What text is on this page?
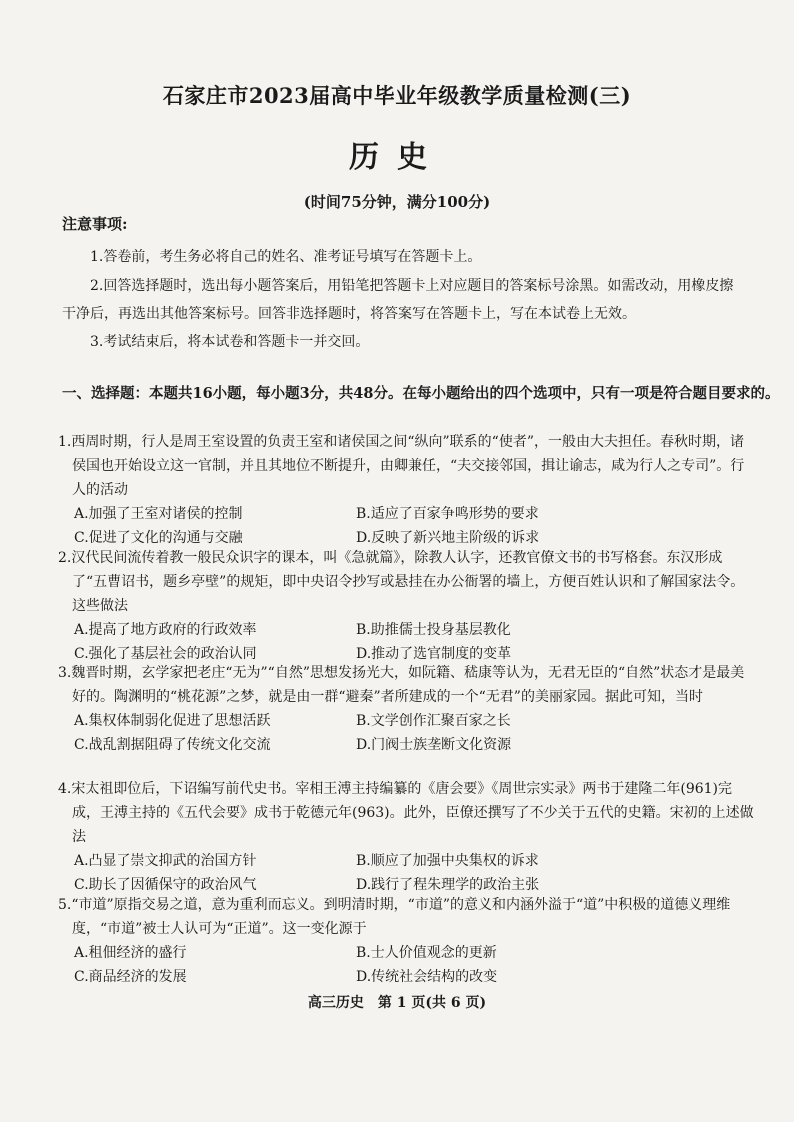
石家庄市2023届高中毕业年级教学质量检测(三)
历史
(时间75分钟，满分100分)
注意事项:
1.答卷前，考生务必将自己的姓名、准考证号填写在答题卡上。
2.回答选择题时，选出每小题答案后，用铅笔把答题卡上对应题目的答案标号涂黑。如需改动，用橡皮擦干净后，再选出其他答案标号。回答非选择题时，将答案写在答题卡上，写在本试卷上无效。
3.考试结束后，将本试卷和答题卡一并交回。
一、选择题：本题共16小题，每小题3分，共48分。在每小题给出的四个选项中，只有一项是符合题目要求的。
1.西周时期，行人是周王室设置的负责王室和诸侯国之间“纵向”联系的“使者”，一般由大夫担任。春秋时期，诸侯国也开始设立这一官制，并且其地位不断提升，由卿兼任，“夫交接邻国，揖让谕志，咸为行人之专司”。行人的活动
A.加强了王室对诸侯的控制	B.适应了百家争鸣形势的要求
C.促进了文化的沟通与交融	D.反映了新兴地主阶级的诉求
2.汉代民间流传着教一般民众识字的课本，叫《急就篇》，除教人认字，还教官僚文书的书写格套。东汉形成了“五曹诏书，题乡亭壁”的规矩，即中央诏令抄写或悬挂在办公衙署的墙上，方便百姓认识和了解国家法令。这些做法
A.提高了地方政府的行政效率	B.助推儒士投身基层教化
C.强化了基层社会的政治认同	D.推动了选官制度的变革
3.魏晋时期，玄学家把老庄“无为”“自然”思想发扬光大，如阮籍、嵇康等认为，无君无臣的“自然”状态才是最美好的。陶渊明的“桃花源”之梦，就是由一群“避秦”者所建成的一个“无君”的美丽家园。据此可知，当时
A.集权体制弱化促进了思想活跃	B.文学创作汇聚百家之长
C.战乱割据阻碍了传统文化交流	D.门阀士族垄断文化资源
4.宋太祖即位后，下诏编写前代史书。宰相王溥主持编纂的《唐会要》《周世宗实录》两书于建隆二年(961)完成，王溥主持的《五代会要》成书于乾德元年(963)。此外，臣僚还撰写了不少关于五代的史籍。宋初的上述做法
A.凸显了崇文抑武的治国方针	B.顺应了加强中央集权的诉求
C.助长了因循保守的政治风气	D.践行了程朱理学的政治主张
5.“市道”原指交易之道，意为重利而忘义。到明清时期，“市道”的意义和内涵外溢于“道”中积极的道德义理维度，“市道”被士人认可为“正道”。这一变化源于
A.租佃经济的盛行	B.士人价值观念的更新
C.商品经济的发展	D.传统社会结构的改变
高三历史　第 1 页(共 6 页)
